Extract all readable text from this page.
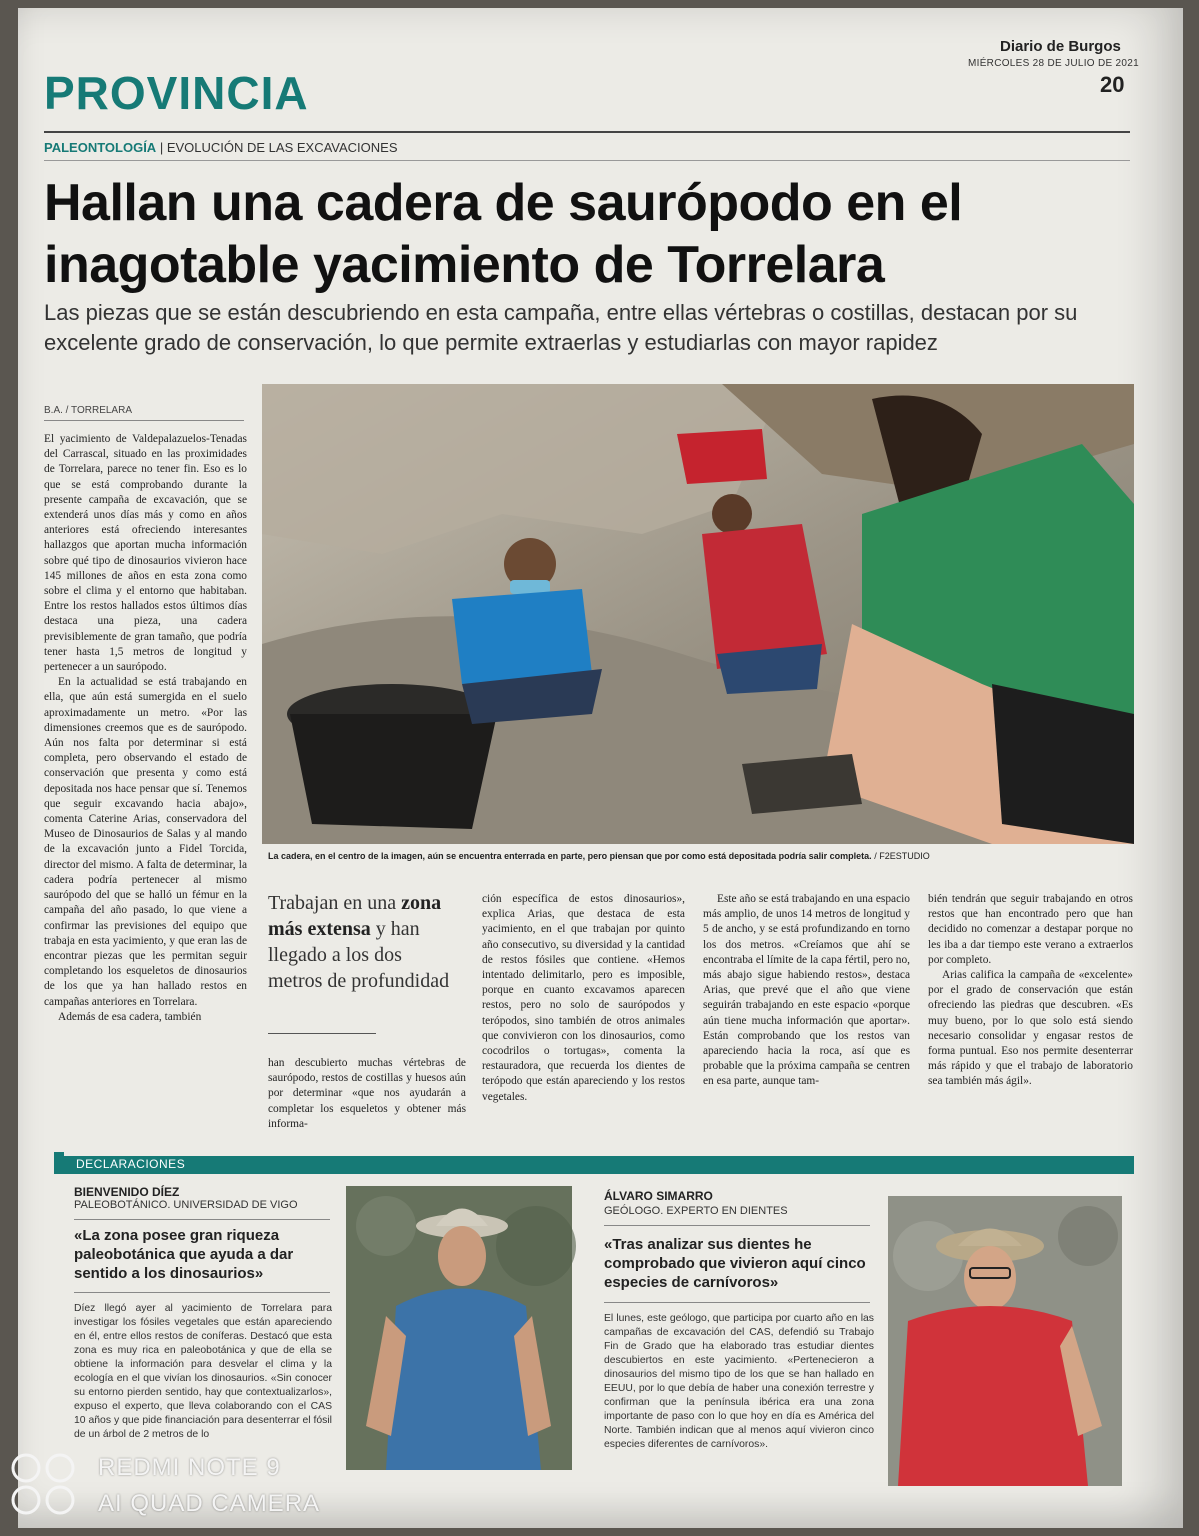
Diario de Burgos
MIÉRCOLES 28 DE JULIO DE 2021
20
PROVINCIA
PALEONTOLOGÍA | EVOLUCIÓN DE LAS EXCAVACIONES
Hallan una cadera de saurópodo en el inagotable yacimiento de Torrelara
Las piezas que se están descubriendo en esta campaña, entre ellas vértebras o costillas, destacan por su excelente grado de conservación, lo que permite extraerlas y estudiarlas con mayor rapidez
B.A. / TORRELARA

El yacimiento de Valdepalazuelos-Tenadas del Carrascal, situado en las proximidades de Torrelara, parece no tener fin. Eso es lo que se está comprobando durante la presente campaña de excavación, que se extenderá unos días más y como en años anteriores está ofreciendo interesantes hallazgos que aportan mucha información sobre qué tipo de dinosaurios vivieron hace 145 millones de años en esta zona como sobre el clima y el entorno que habitaban. Entre los restos hallados estos últimos días destaca una pieza, una cadera previsiblemente de gran tamaño, que podría tener hasta 1,5 metros de longitud y pertenecer a un saurópodo.

En la actualidad se está trabajando en ella, que aún está sumergida en el suelo aproximadamente un metro. «Por las dimensiones creemos que es de saurópodo. Aún nos falta por determinar si está completa, pero observando el estado de conservación que presenta y como está depositada nos hace pensar que sí. Tenemos que seguir excavando hacia abajo», comenta Caterine Arias, conservadora del Museo de Dinosaurios de Salas y al mando de la excavación junto a Fidel Torcida, director del mismo. A falta de determinar, la cadera podría pertenecer al mismo saurópodo del que se halló un fémur en la campaña del año pasado, lo que viene a confirmar las previsiones del equipo que trabaja en esta yacimiento, y que eran las de encontrar piezas que les permitan seguir completando los esqueletos de dinosaurios de los que ya han hallado restos en campañas anteriores en Torrelara.

Además de esa cadera, también

La cadera, en el centro de la imagen, aún se encuentra enterrada en parte, pero piensan que por como está depositada podría salir completa. / F2ESTUDIO
Trabajan en una zona más extensa y han llegado a los dos metros de profundidad

han descubierto muchas vértebras de saurópodo, restos de costillas y huesos aún por determinar «que nos ayudarán a completar los esqueletos y obtener más informa-

ción específica de estos dinosaurios», explica Arias, que destaca de esta yacimiento, en el que trabajan por quinto año consecutivo, su diversidad y la cantidad de restos fósiles que contiene. «Hemos intentado delimitarlo, pero es imposible, porque en cuanto excavamos aparecen restos, pero no solo de saurópodos y terópodos, sino también de otros animales que convivieron con los dinosaurios, como cocodrilos o tortugas», comenta la restauradora, que recuerda los dientes de terópodo que están apareciendo y los restos vegetales.

Este año se está trabajando en una espacio más amplio, de unos 14 metros de longitud y 5 de ancho, y se está profundizando en torno los dos metros. «Creíamos que ahí se encontraba el límite de la capa fértil, pero no, más abajo sigue habiendo restos», destaca Arias, que prevé que el año que viene seguirán trabajando en este espacio «porque aún tiene mucha información que aportar». Están comprobando que los restos van apareciendo hacia la roca, así que es probable que la próxima campaña se centren en esa parte, aunque tam-

bién tendrán que seguir trabajando en otros restos que han encontrado pero que han decidido no comenzar a destapar porque no les iba a dar tiempo este verano a extraerlos por completo.

Arias califica la campaña de «excelente» por el grado de conservación que están ofreciendo las piedras que descubren. «Es muy bueno, por lo que solo está siendo necesario consolidar y engasar restos de forma puntual. Eso nos permite desenterrar más rápido y que el trabajo de laboratorio sea también más ágil».

DECLARACIONES
BIENVENIDO DÍEZ
PALEOBOTÁNICO. UNIVERSIDAD DE VIGO
«La zona posee gran riqueza paleobotánica que ayuda a dar sentido a los dinosaurios»
Díez llegó ayer al yacimiento de Torrelara para investigar los fósiles vegetales que están apareciendo en él, entre ellos restos de coníferas. Destacó que esta zona es muy rica en paleobotánica y que de ella se obtiene la información para desvelar el clima y la ecología en el que vivían los dinosaurios. «Sin conocer su entorno pierden sentido, hay que contextualizarlos», expuso el experto, que lleva colaborando con el CAS 10 años y que pide financiación para desenterrar el fósil de un árbol de 2 metros de lo
ÁLVARO SIMARRO
GEÓLOGO. EXPERTO EN DIENTES
«Tras analizar sus dientes he comprobado que vivieron aquí cinco especies de carnívoros»
El lunes, este geólogo, que participa por cuarto año en las campañas de excavación del CAS, defendió su Trabajo Fin de Grado que ha elaborado tras estudiar dientes descubiertos en este yacimiento. «Pertenecieron a dinosaurios del mismo tipo de los que se han hallado en EEUU, por lo que debía de haber una conexión terrestre y confirman que la península ibérica era una zona importante de paso con lo que hoy en día es América del Norte. También indican que al menos aquí vivieron cinco especies diferentes de carnívoros».
REDMI NOTE 9
AI QUAD CAMERA
